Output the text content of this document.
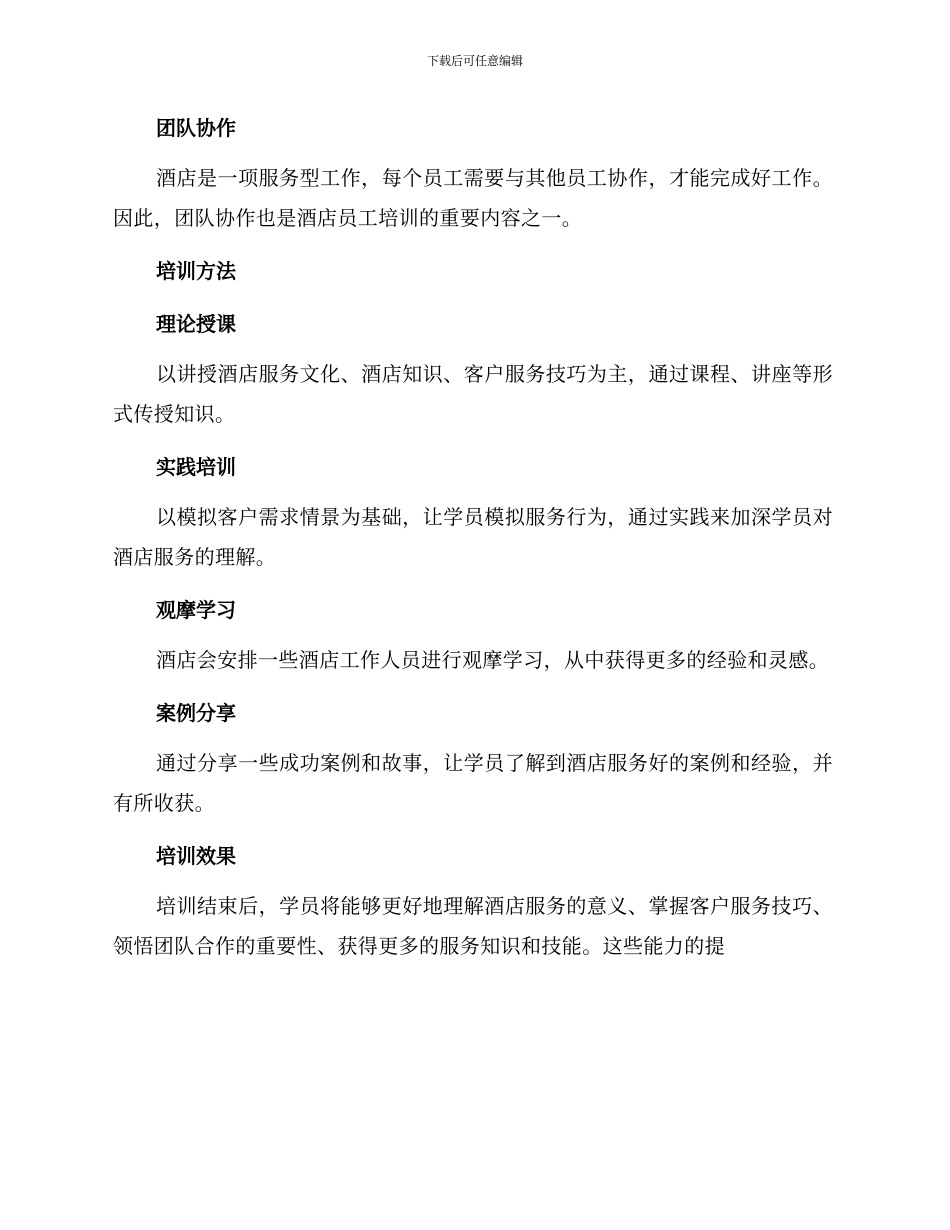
下载后可任意编辑
团队协作

酒店是一项服务型工作，每个员工需要与其他员工协作，才能完成好工作。因此，团队协作也是酒店员工培训的重要内容之一。

培训方法
理论授课

以讲授酒店服务文化、酒店知识、客户服务技巧为主，通过课程、讲座等形式传授知识。

实践培训

以模拟客户需求情景为基础，让学员模拟服务行为，通过实践来加深学员对酒店服务的理解。

观摩学习

酒店会安排一些酒店工作人员进行观摩学习，从中获得更多的经验和灵感。

案例分享

通过分享一些成功案例和故事，让学员了解到酒店服务好的案例和经验，并有所收获。

培训效果

培训结束后，学员将能够更好地理解酒店服务的意义、掌握客户服务技巧、领悟团队合作的重要性、获得更多的服务知识和技能。这些能力的提
